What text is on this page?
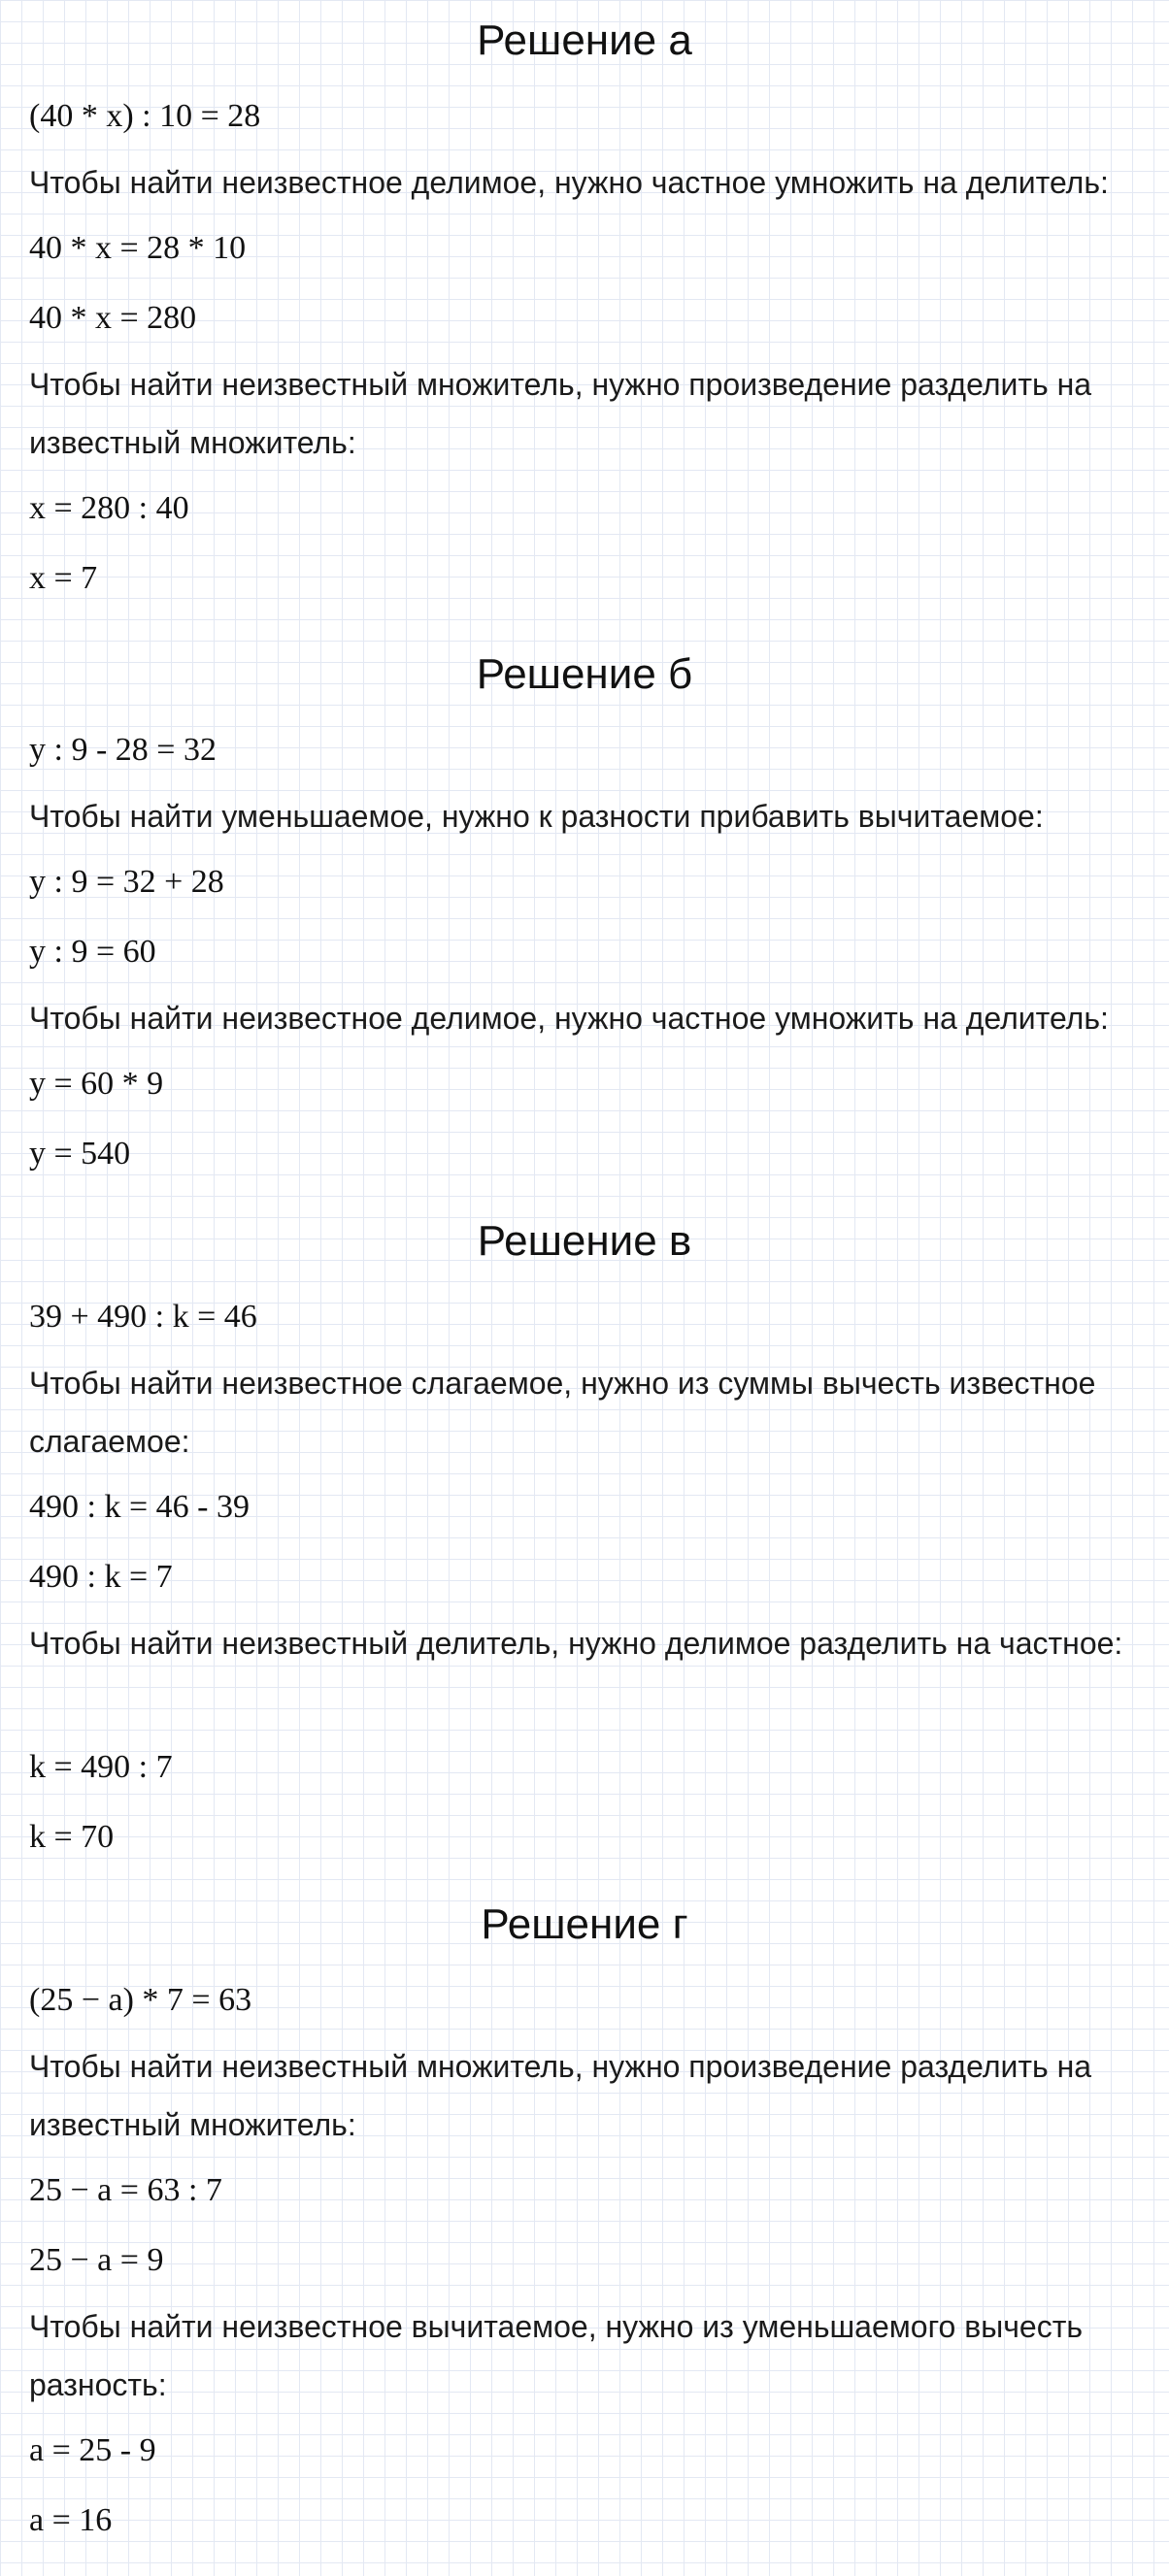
Решение а
(40 * x) : 10 = 28
Чтобы найти неизвестное делимое, нужно частное умножить на делитель:
40 * x = 28 * 10
40 * x = 280
Чтобы найти неизвестный множитель, нужно произведение разделить на известный множитель:
x = 280 : 40
x = 7
Решение б
y : 9 - 28 = 32
Чтобы найти уменьшаемое, нужно к разности прибавить вычитаемое:
y : 9 = 32 + 28
y : 9 = 60
Чтобы найти неизвестное делимое, нужно частное умножить на делитель:
y = 60 * 9
y = 540
Решение в
39 + 490 : k = 46
Чтобы найти неизвестное слагаемое, нужно из суммы вычесть известное слагаемое:
490 : k = 46 - 39
490 : k = 7
Чтобы найти неизвестный делитель, нужно делимое разделить на частное:
k = 490 : 7
k = 70
Решение г
(25 − a) * 7 = 63
Чтобы найти неизвестный множитель, нужно произведение разделить на известный множитель:
25 − a = 63 : 7
25 − a = 9
Чтобы найти неизвестное вычитаемое, нужно из уменьшаемого вычесть разность:
a = 25 - 9
a = 16
